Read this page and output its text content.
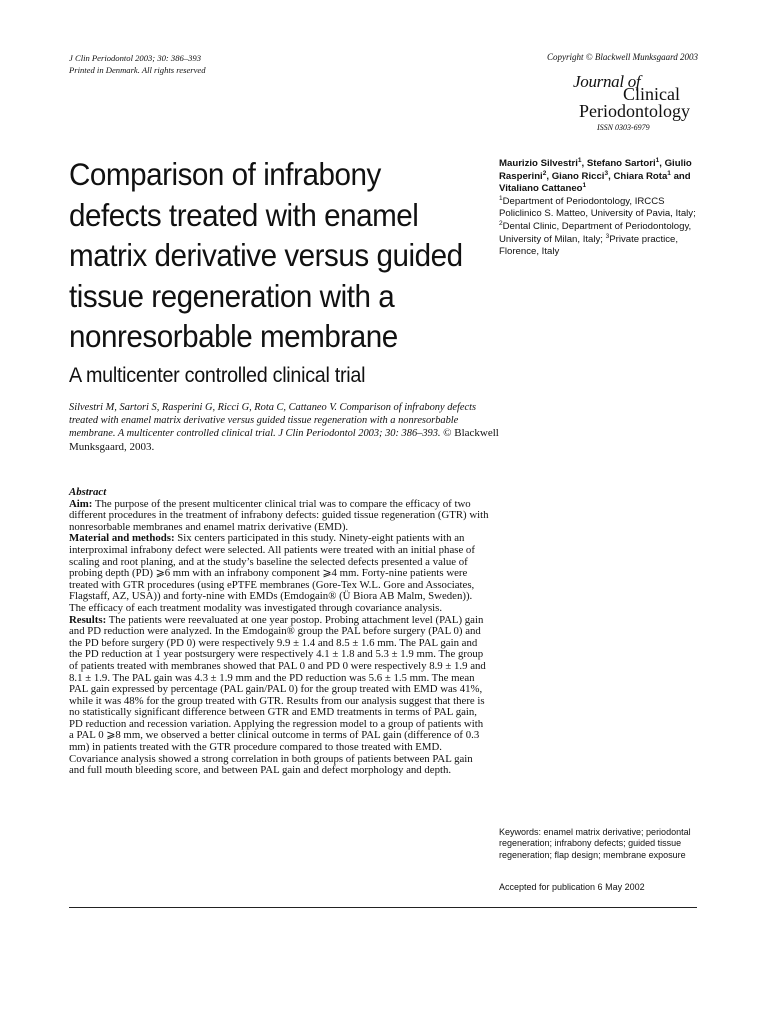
J Clin Periodontol 2003; 30: 386–393
Printed in Denmark. All rights reserved
Copyright © Blackwell Munksgaard 2003
Journal of
Clinical
Periodontology
ISSN 0303-6979
Comparison of infrabony defects treated with enamel matrix derivative versus guided tissue regeneration with a nonresorbable membrane
A multicenter controlled clinical trial
Silvestri M, Sartori S, Rasperini G, Ricci G, Rota C, Cattaneo V. Comparison of infrabony defects treated with enamel matrix derivative versus guided tissue regeneration with a nonresorbable membrane. A multicenter controlled clinical trial. J Clin Periodontol 2003; 30: 386–393. © Blackwell Munksgaard, 2003.
Maurizio Silvestri$^1$, Stefano Sartori$^1$, Giulio Rasperini$^2$, Giano Ricci$^3$, Chiara Rota$^1$ and Vitaliano Cattaneo$^1$
$^1$Department of Periodontology, IRCCS Policlinico S. Matteo, University of Pavia, Italy; $^2$Dental Clinic, Department of Periodontology, University of Milan, Italy; $^3$Private practice, Florence, Italy

Abstract

Aim: The purpose of the present multicenter clinical trial was to compare the efficacy of two different procedures in the treatment of infrabony defects: guided tissue regeneration (GTR) with nonresorbable membranes and enamel matrix derivative (EMD).

Material and methods: Six centers participated in this study. Ninety-eight patients with an interproximal infrabony defect were selected. All patients were treated with an initial phase of scaling and root planing, and at the study’s baseline the selected defects presented a value of probing depth (PD) ⩾6 mm with an infrabony component ⩾4 mm. Forty-nine patients were treated with GTR procedures (using ePTFE membranes (Gore-Tex W.L. Gore and Associates, Flagstaff, AZ, USA)) and forty-nine with EMDs (Emdogain® (Ü Biora AB Malm, Sweden)). The efficacy of each treatment modality was investigated through covariance analysis.

Results: The patients were reevaluated at one year postop. Probing attachment level (PAL) gain and PD reduction were analyzed. In the Emdogain® group the PAL before surgery (PAL 0) and the PD before surgery (PD 0) were respectively 9.9 ± 1.4 and 8.5 ± 1.6 mm. The PAL gain and the PD reduction at 1 year postsurgery were respectively 4.1 ± 1.8 and 5.3 ± 1.9 mm. The group of patients treated with membranes showed that PAL 0 and PD 0 were respectively 8.9 ± 1.9 and 8.1 ± 1.9. The PAL gain was 4.3 ± 1.9 mm and the PD reduction was 5.6 ± 1.5 mm. The mean PAL gain expressed by percentage (PAL gain/PAL 0) for the group treated with EMD was 41%, while it was 48% for the group treated with GTR. Results from our analysis suggest that there is no statistically significant difference between GTR and EMD treatments in terms of PAL gain, PD reduction and recession variation. Applying the regression model to a group of patients with a PAL 0 ⩾8 mm, we observed a better clinical outcome in terms of PAL gain (difference of 0.3 mm) in patients treated with the GTR procedure compared to those treated with EMD. Covariance analysis showed a strong correlation in both groups of patients between PAL gain and full mouth bleeding score, and between PAL gain and defect morphology and depth.

Keywords: enamel matrix derivative; periodontal regeneration; infrabony defects; guided tissue regeneration; flap design; membrane exposure
Accepted for publication 6 May 2002
